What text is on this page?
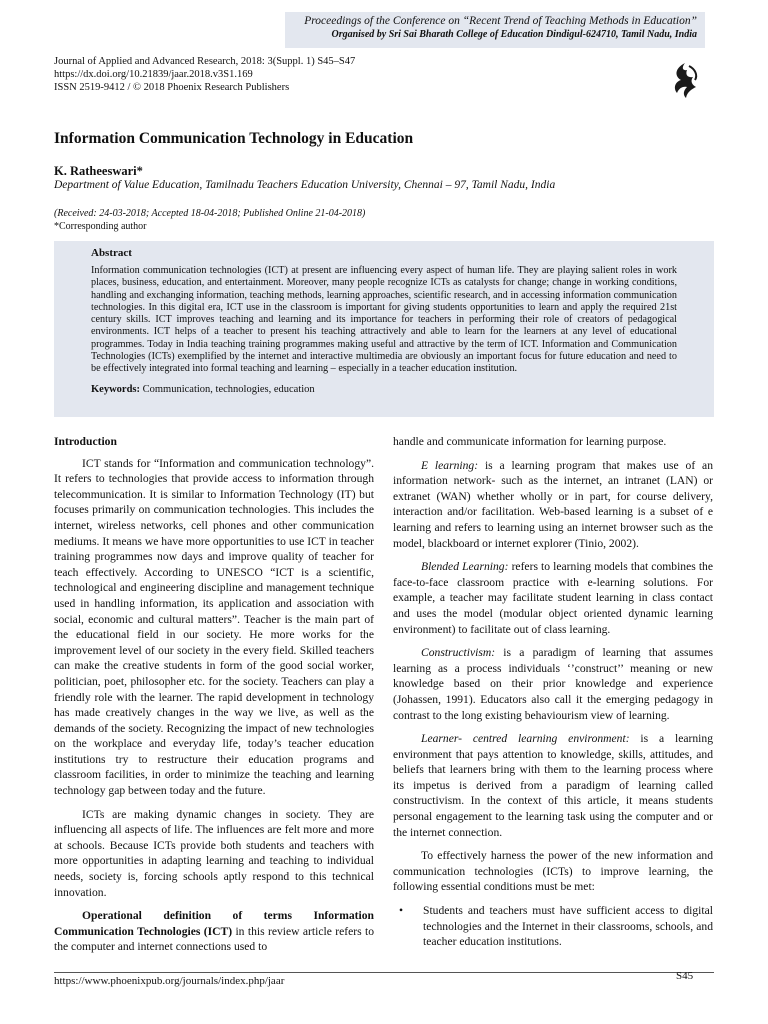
Proceedings of the Conference on “Recent Trend of Teaching Methods in Education”
Organised by Sri Sai Bharath College of Education Dindigul-624710, Tamil Nadu, India
Journal of Applied and Advanced Research, 2018: 3(Suppl. 1) S45–S47
https://dx.doi.org/10.21839/jaar.2018.v3S1.169
ISSN 2519-9412 / © 2018 Phoenix Research Publishers
Information Communication Technology in Education
K. Ratheeswari*
Department of Value Education, Tamilnadu Teachers Education University, Chennai – 97, Tamil Nadu, India
(Received: 24-03-2018; Accepted 18-04-2018; Published Online 21-04-2018)
*Corresponding author
Abstract
Information communication technologies (ICT) at present are influencing every aspect of human life. They are playing salient roles in work places, business, education, and entertainment. Moreover, many people recognize ICTs as catalysts for change; change in working conditions, handling and exchanging information, teaching methods, learning approaches, scientific research, and in accessing information communication technologies. In this digital era, ICT use in the classroom is important for giving students opportunities to learn and apply the required 21st century skills. ICT improves teaching and learning and its importance for teachers in performing their role of creators of pedagogical environments. ICT helps of a teacher to present his teaching attractively and able to learn for the learners at any level of educational programmes. Today in India teaching training programmes making useful and attractive by the term of ICT. Information and Communication Technologies (ICTs) exemplified by the internet and interactive multimedia are obviously an important focus for future education and need to be effectively integrated into formal teaching and learning – especially in a teacher education institution.
Keywords: Communication, technologies, education
Introduction

ICT stands for “Information and communication technology”. It refers to technologies that provide access to information through telecommunication. It is similar to Information Technology (IT) but focuses primarily on communication technologies. This includes the internet, wireless networks, cell phones and other communication mediums. It means we have more opportunities to use ICT in teacher training programmes now days and improve quality of teacher for teach effectively. According to UNESCO “ICT is a scientific, technological and engineering discipline and management technique used in handling information, its application and association with social, economic and cultural matters”. Teacher is the main part of the educational field in our society. He more works for the improvement level of our society in the every field. Skilled teachers can make the creative students in form of the good social worker, politician, poet, philosopher etc. for the society. Teachers can play a friendly role with the learner. The rapid development in technology has made creatively changes in the way we live, as well as the demands of the society. Recognizing the impact of new technologies on the workplace and everyday life, today’s teacher education institutions try to restructure their education programs and classroom facilities, in order to minimize the teaching and learning technology gap between today and the future.

ICTs are making dynamic changes in society. They are influencing all aspects of life. The influences are felt more and more at schools. Because ICTs provide both students and teachers with more opportunities in adapting learning and teaching to individual needs, society is, forcing schools aptly respond to this technical innovation.

Operational definition of terms Information Communication Technologies (ICT) in this review article refers to the computer and internet connections used to

handle and communicate information for learning purpose.

E learning: is a learning program that makes use of an information network- such as the internet, an intranet (LAN) or extranet (WAN) whether wholly or in part, for course delivery, interaction and/or facilitation. Web-based learning is a subset of e learning and refers to learning using an internet browser such as the model, blackboard or internet explorer (Tinio, 2002).

Blended Learning: refers to learning models that combines the face-to-face classroom practice with e-learning solutions. For example, a teacher may facilitate student learning in class contact and uses the model (modular object oriented dynamic learning environment) to facilitate out of class learning.

Constructivism: is a paradigm of learning that assumes learning as a process individuals ‘’construct’’ meaning or new knowledge based on their prior knowledge and experience (Johassen, 1991). Educators also call it the emerging pedagogy in contrast to the long existing behaviourism view of learning.

Learner- centred learning environment: is a learning environment that pays attention to knowledge, skills, attitudes, and beliefs that learners bring with them to the learning process where its impetus is derived from a paradigm of learning called constructivism. In the context of this article, it means students personal engagement to the learning task using the computer and or the internet connection.

To effectively harness the power of the new information and communication technologies (ICTs) to improve learning, the following essential conditions must be met:

•	Students and teachers must have sufficient access to digital technologies and the Internet in their classrooms, schools, and teacher education institutions.
https://www.phoenixpub.org/journals/index.php/jaar	S45
